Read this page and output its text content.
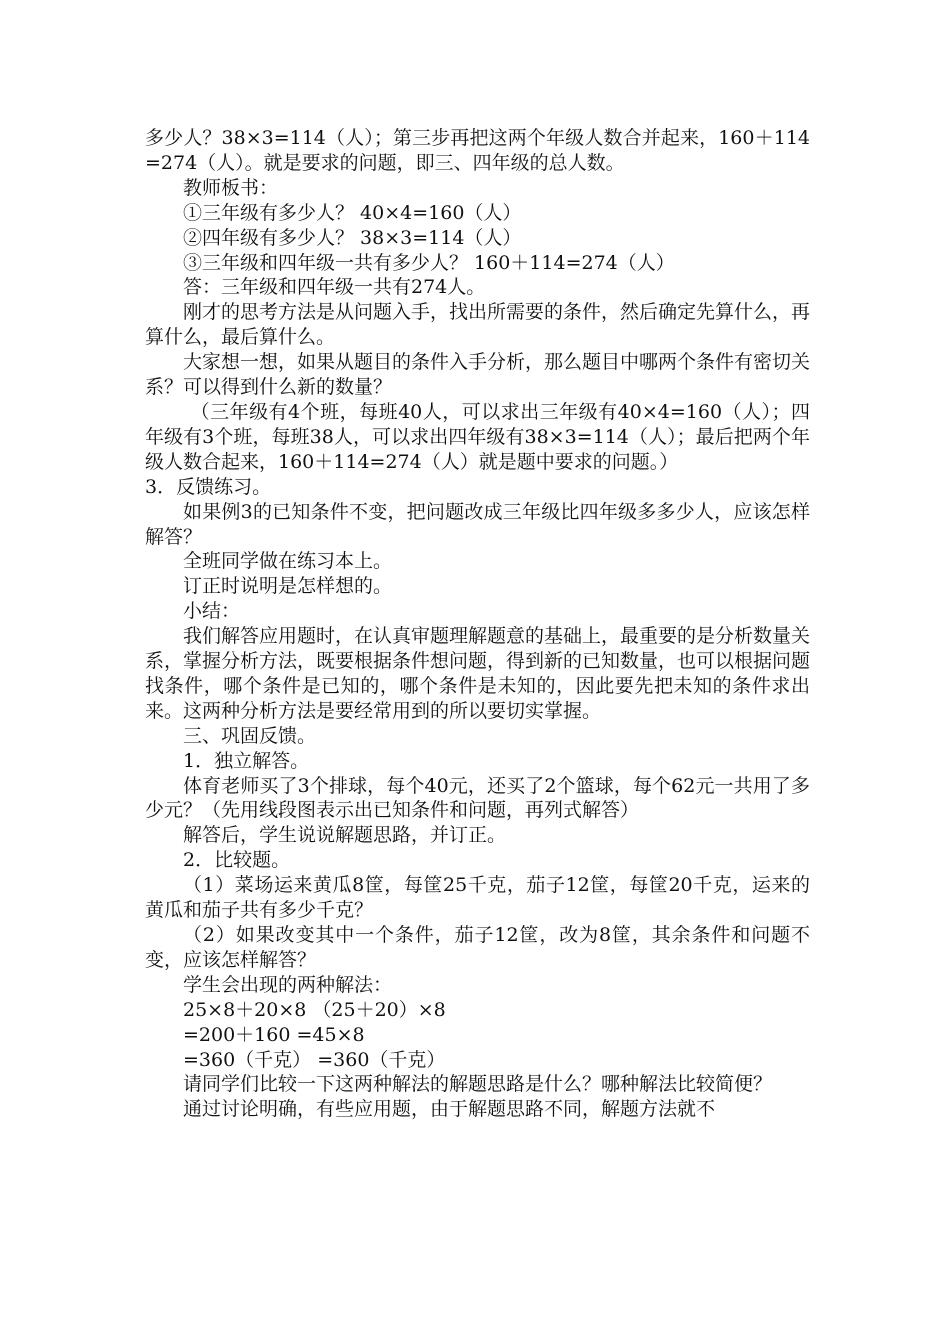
多少人？38×3=114（人）；第三步再把这两个年级人数合并起来，160＋114=274（人）。就是要求的问题，即三、四年级的总人数。

教师板书：

①三年级有多少人？ 40×4=160（人）

②四年级有多少人？ 38×3=114（人）

③三年级和四年级一共有多少人？ 160＋114=274（人）

答：三年级和四年级一共有274人。

刚才的思考方法是从问题入手，找出所需要的条件，然后确定先算什么，再算什么，最后算什么。

大家想一想，如果从题目的条件入手分析，那么题目中哪两个条件有密切关系？可以得到什么新的数量？

（三年级有4个班，每班40人，可以求出三年级有40×4=160（人）；四年级有3个班，每班38人，可以求出四年级有38×3=114（人）；最后把两个年级人数合起来，160＋114=274（人）就是题中要求的问题。）

3．反馈练习。

如果例3的已知条件不变，把问题改成三年级比四年级多多少人，应该怎样解答？

全班同学做在练习本上。

订正时说明是怎样想的。

小结：

我们解答应用题时，在认真审题理解题意的基础上，最重要的是分析数量关系，掌握分析方法，既要根据条件想问题，得到新的已知数量，也可以根据问题找条件，哪个条件是已知的，哪个条件是未知的，因此要先把未知的条件求出来。这两种分析方法是要经常用到的所以要切实掌握。

三、巩固反馈。

1．独立解答。

体育老师买了3个排球，每个40元，还买了2个篮球，每个62元一共用了多少元？（先用线段图表示出已知条件和问题，再列式解答）

解答后，学生说说解题思路，并订正。

2．比较题。

（1）菜场运来黄瓜8筐，每筐25千克，茄子12筐，每筐20千克，运来的黄瓜和茄子共有多少千克？

（2）如果改变其中一个条件，茄子12筐，改为8筐，其余条件和问题不变，应该怎样解答？

学生会出现的两种解法：

25×8＋20×8 （25＋20）×8

=200＋160 =45×8

=360（千克） =360（千克）

请同学们比较一下这两种解法的解题思路是什么？哪种解法比较简便？

通过讨论明确，有些应用题，由于解题思路不同，解题方法就不
